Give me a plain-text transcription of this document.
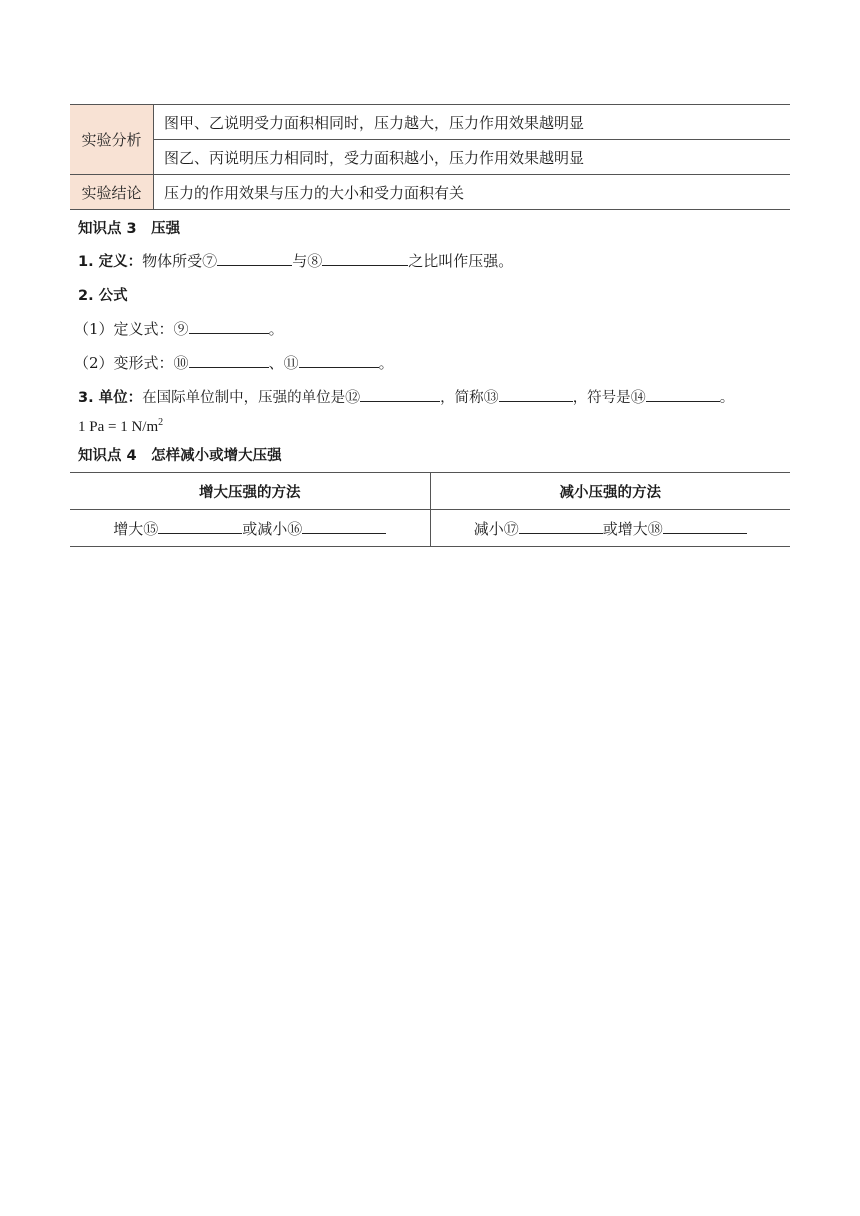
实验分析	图甲、乙说明受力面积相同时，压力越大，压力作用效果越明显
	图乙、丙说明压力相同时，受力面积越小，压力作用效果越明显
实验结论	压力的作用效果与压力的大小和受力面积有关

知识点 3　压强

1. 定义：物体所受⑦	与⑧	之比叫作压强。

2. 公式

（1）定义式：⑨	。

（2）变形式：⑩	、⑪	。

3. 单位：在国际单位制中，压强的单位是⑫	，简称⑬	，符号是⑭	。

1 Pa = 1 $N/m^2$

知识点 4　怎样减小或增大压强

增大压强的方法	减小压强的方法
增大⑮ 或减小⑯	减小⑰ 或增大⑱
